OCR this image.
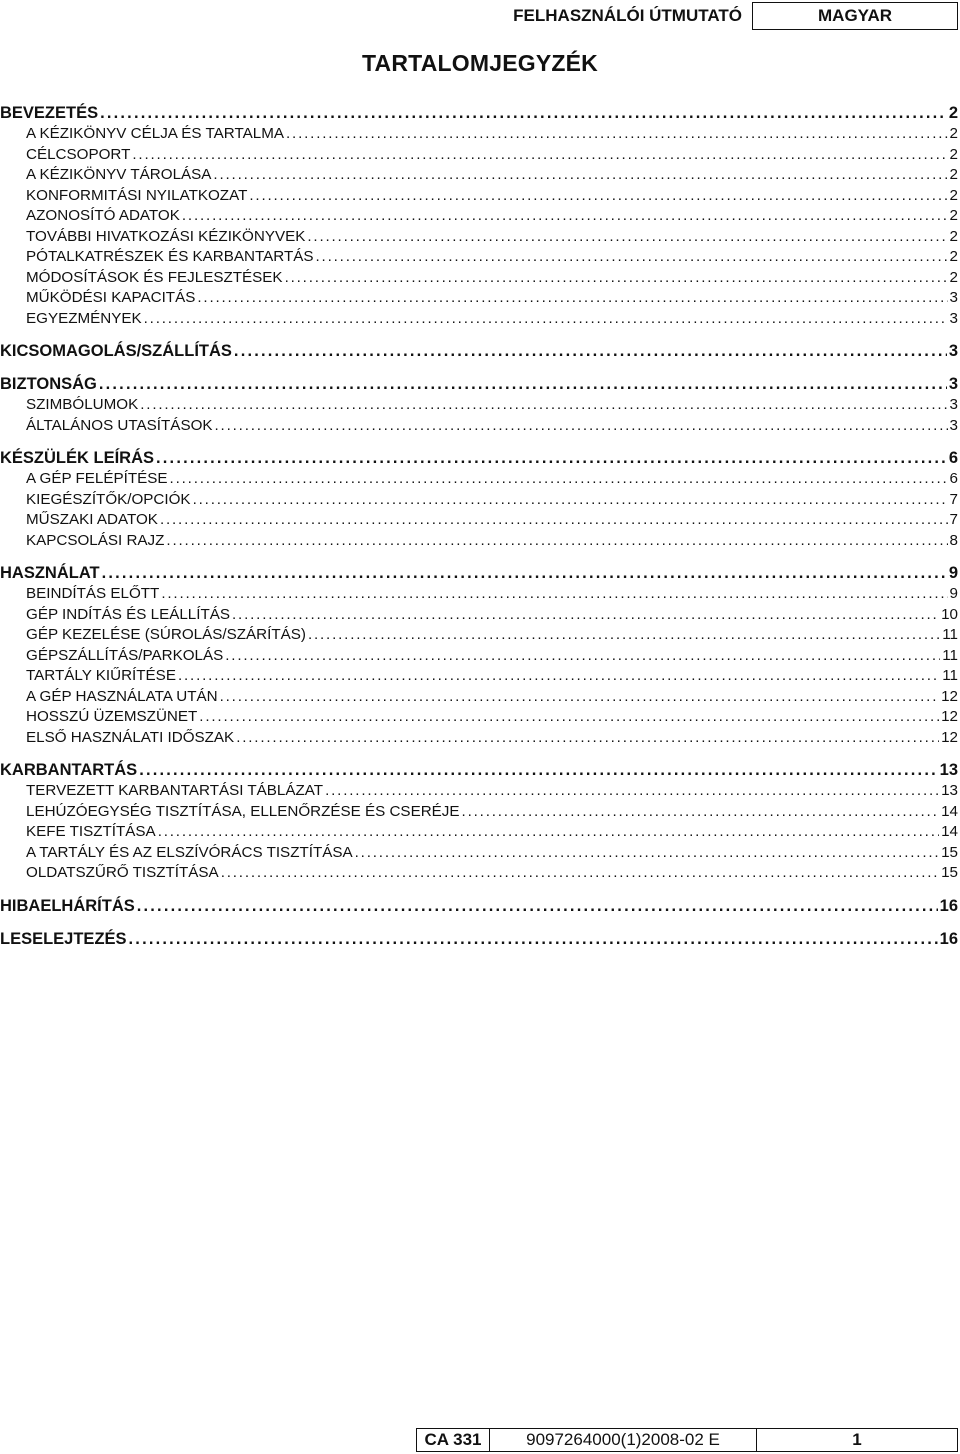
FELHASZNÁLÓI ÚTMUTATÓ	MAGYAR
TARTALOMJEGYZÉK
BEVEZETÉS . . .	2
A KÉZIKÖNYV CÉLJA ÉS TARTALMA . . .	2
CÉLCSOPORT . . .	2
A KÉZIKÖNYV TÁROLÁSA . . .	2
KONFORMITÁSI NYILATKOZAT . . .	2
AZONOSÍTÓ ADATOK . . .	2
TOVÁBBI HIVATKOZÁSI KÉZIKÖNYVEK . . .	2
PÓTALKATRÉSZEK ÉS KARBANTARTÁS . . .	2
MÓDOSÍTÁSOK ÉS FEJLESZTÉSEK . . .	2
MŰKÖDÉSI KAPACITÁS . . .	3
EGYEZMÉNYEK . . .	3
KICSOMAGOLÁS/SZÁLLÍTÁS . . .	3
BIZTONSÁG . . .	3
SZIMBÓLUMOK . . .	3
ÁLTALÁNOS UTASÍTÁSOK . . .	3
KÉSZÜLÉK LEÍRÁS . . .	6
A GÉP FELÉPÍTÉSE . . .	6
KIEGÉSZÍTŐK/OPCIÓK . . .	7
MŰSZAKI ADATOK . . .	7
KAPCSOLÁSI RAJZ . . .	8
HASZNÁLAT . . .	9
BEINDÍTÁS ELŐTT . . .	9
GÉP INDÍTÁS ÉS LEÁLLÍTÁS . . .	10
GÉP KEZELÉSE (SÚROLÁS/SZÁRÍTÁS) . . .	11
GÉPSZÁLLÍTÁS/PARKOLÁS . . .	11
TARTÁLY KIŰRÍTÉSE . . .	11
A GÉP HASZNÁLATA UTÁN . . .	12
HOSSZÚ ÜZEMSZÜNET . . .	12
ELSŐ HASZNÁLATI IDŐSZAK . . .	12
KARBANTARTÁS . . .	13
TERVEZETT KARBANTARTÁSI TÁBLÁZAT . . .	13
LEHÚZÓEGYSÉG TISZTÍTÁSA, ELLENŐRZÉSE ÉS CSERÉJE . . .	14
KEFE TISZTÍTÁSA . . .	14
A TARTÁLY ÉS AZ ELSZÍVÓRÁCS TISZTÍTÁSA . . .	15
OLDATSZŰRŐ TISZTÍTÁSA . . .	15
HIBAELHÁRÍTÁS . . .	16
LESELEJTEZÉS . . .	16
CA 331	9097264000(1)2008-02 E	1
